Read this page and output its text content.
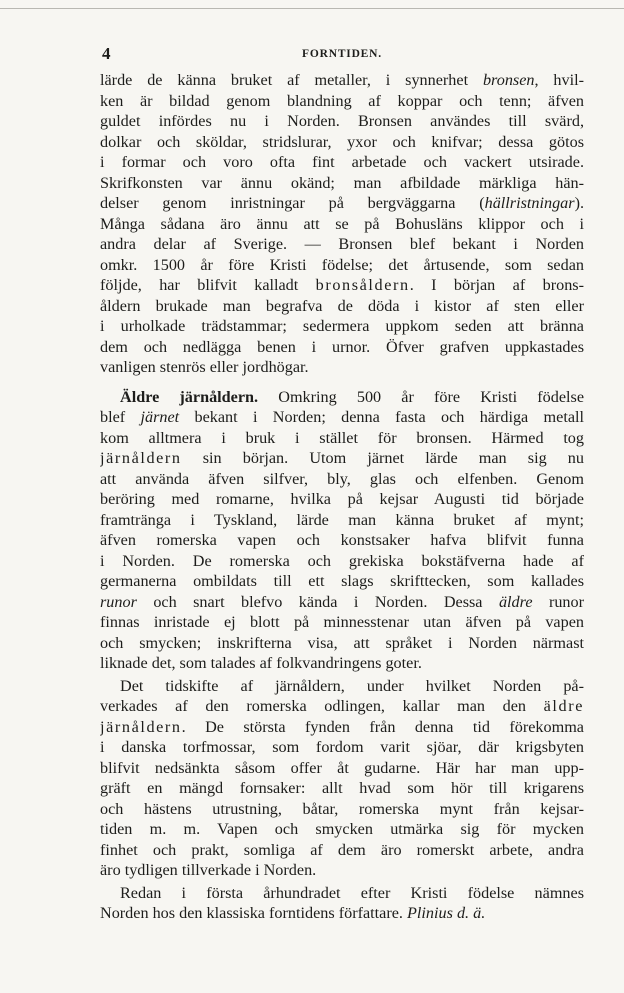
4	FORNTIDEN.
lärde de känna bruket af metaller, i synnerhet bronsen, hvil-
ken är bildad genom blandning af koppar och tenn; äfven
guldet infördes nu i Norden. Bronsen användes till svärd,
dolkar och sköldar, stridslurar, yxor och knifvar; dessa götos
i formar och voro ofta fint arbetade och vackert utsirade.
Skrifkonsten var ännu okänd; man afbildade märkliga hän-
delser genom inristningar på bergväggarna (hällristningar).
Många sådana äro ännu att se på Bohusläns klippor och i
andra delar af Sverige. — Bronsen blef bekant i Norden
omkr. 1500 år före Kristi födelse; det årtusende, som sedan
följde, har blifvit kalladt bronsåldern. I början af brons-
åldern brukade man begrafva de döda i kistor af sten eller
i urholkade trädstammar; sedermera uppkom seden att bränna
dem och nedlägga benen i urnor. Öfver grafven uppkastades
vanligen stenrös eller jordhögar.
Äldre järnåldern. Omkring 500 år före Kristi födelse
blef järnet bekant i Norden; denna fasta och härdiga metall
kom alltmera i bruk i stället för bronsen. Härmed tog
järnåldern sin början. Utom järnet lärde man sig nu
att använda äfven silfver, bly, glas och elfenben. Genom
beröring med romarne, hvilka på kejsar Augusti tid började
framtränga i Tyskland, lärde man känna bruket af mynt;
äfven romerska vapen och konstsaker hafva blifvit funna
i Norden. De romerska och grekiska bokstäfverna hade af
germanerna ombildats till ett slags skrifttecken, som kallades
runor och snart blefvo kända i Norden. Dessa äldre runor
finnas inristade ej blott på minnesstenar utan äfven på vapen
och smycken; inskrifterna visa, att språket i Norden närmast
liknade det, som talades af folkvandringens goter.
Det tidskifte af järnåldern, under hvilket Norden på-
verkades af den romerska odlingen, kallar man den äldre
järnåldern. De största fynden från denna tid förekomma
i danska torfmossar, som fordom varit sjöar, där krigsbyten
blifvit nedsänkta såsom offer åt gudarne. Här har man upp-
gräft en mängd fornsaker: allt hvad som hör till krigarens
och hästens utrustning, båtar, romerska mynt från kejsar-
tiden m. m. Vapen och smycken utmärka sig för mycken
finhet och prakt, somliga af dem äro romerskt arbete, andra
äro tydligen tillverkade i Norden.
Redan i första århundradet efter Kristi födelse nämnes
Norden hos den klassiska forntidens författare. Plinius d. ä.
